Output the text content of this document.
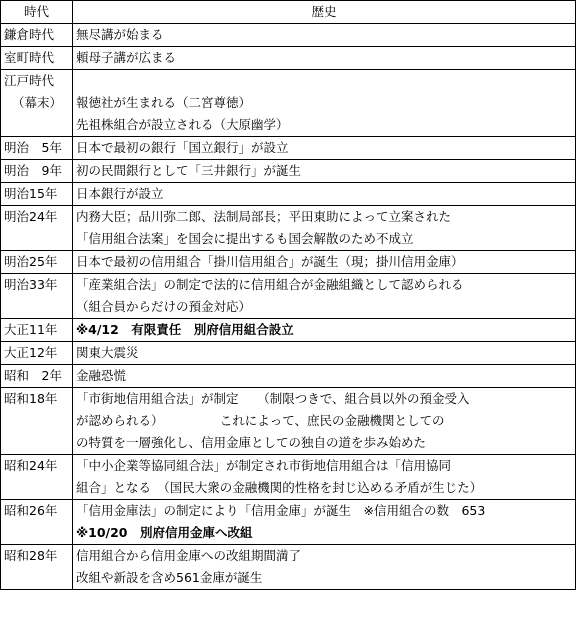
時代	歴史

鎌倉時代	無尽講が始まる

室町時代	頼母子講が広まる

江戸時代
（幕末）	報徳社が生まれる（二宮尊徳）
先祖株組合が設立される（大原幽学）

明治　5年	日本で最初の銀行「国立銀行」が設立

明治　9年	初の民間銀行として「三井銀行」が誕生

明治15年	日本銀行が設立

明治24年	内務大臣；品川弥二郎、法制局部長；平田東助によって立案された
「信用組合法案」を国会に提出するも国会解散のため不成立

明治25年	日本で最初の信用組合「掛川信用組合」が誕生（現；掛川信用金庫）

明治33年	「産業組合法」の制定で法的に信用組合が金融組織として認められる
（組合員からだけの預金対応）

大正11年	※4/12　有限責任　別府信用組合設立

大正12年	関東大震災

昭和　2年	金融恐慌

昭和18年	「市街地信用組合法」が制定　　（制限つきで、組合員以外の預金受入
が認められる）　　　　　これによって、庶民の金融機関としての
の特質を一層強化し、信用金庫としての独自の道を歩み始めた

昭和24年	「中小企業等協同組合法」が制定され市街地信用組合は「信用協同
組合」となる　（国民大衆の金融機関的性格を封じ込める矛盾が生じた）

昭和26年	「信用金庫法」の制定により「信用金庫」が誕生　※信用組合の数　653
※10/20　別府信用金庫へ改組

昭和28年	信用組合から信用金庫への改組期間満了
改組や新設を含め561金庫が誕生
